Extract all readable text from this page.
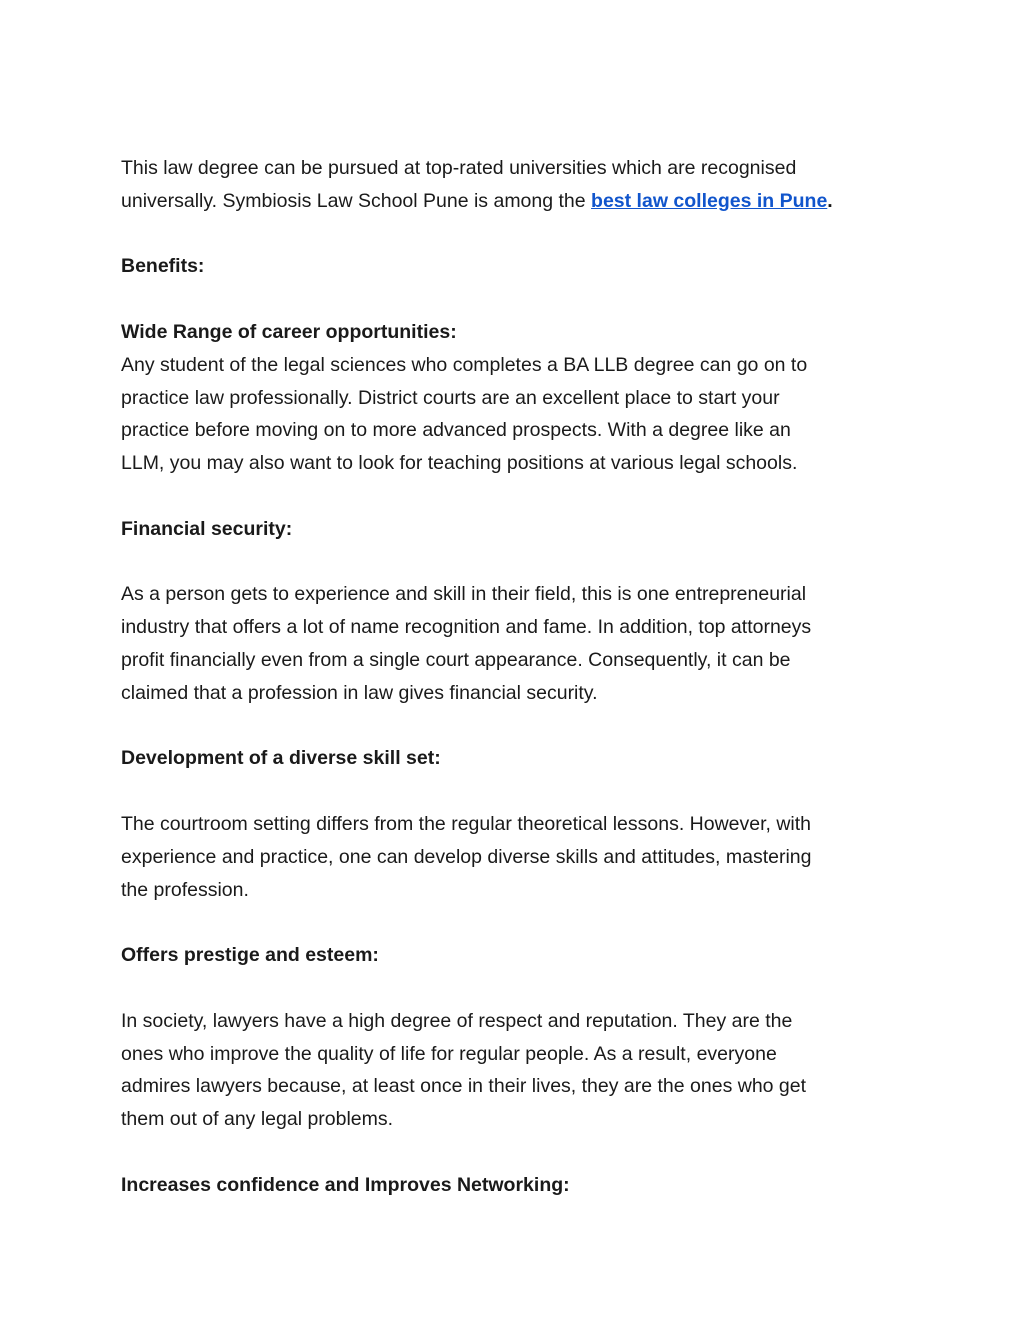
This law degree can be pursued at top-rated universities which are recognised
universally. Symbiosis Law School Pune is among the best law colleges in Pune.
Benefits:
Wide Range of career opportunities:
Any student of the legal sciences who completes a BA LLB degree can go on to
practice law professionally. District courts are an excellent place to start your
practice before moving on to more advanced prospects. With a degree like an
LLM, you may also want to look for teaching positions at various legal schools.
Financial security:
As a person gets to experience and skill in their field, this is one entrepreneurial
industry that offers a lot of name recognition and fame. In addition, top attorneys
profit financially even from a single court appearance. Consequently, it can be
claimed that a profession in law gives financial security.
Development of a diverse skill set:
The courtroom setting differs from the regular theoretical lessons. However, with
experience and practice, one can develop diverse skills and attitudes, mastering
the profession.
Offers prestige and esteem:
In society, lawyers have a high degree of respect and reputation. They are the
ones who improve the quality of life for regular people. As a result, everyone
admires lawyers because, at least once in their lives, they are the ones who get
them out of any legal problems.
Increases confidence and Improves Networking:
